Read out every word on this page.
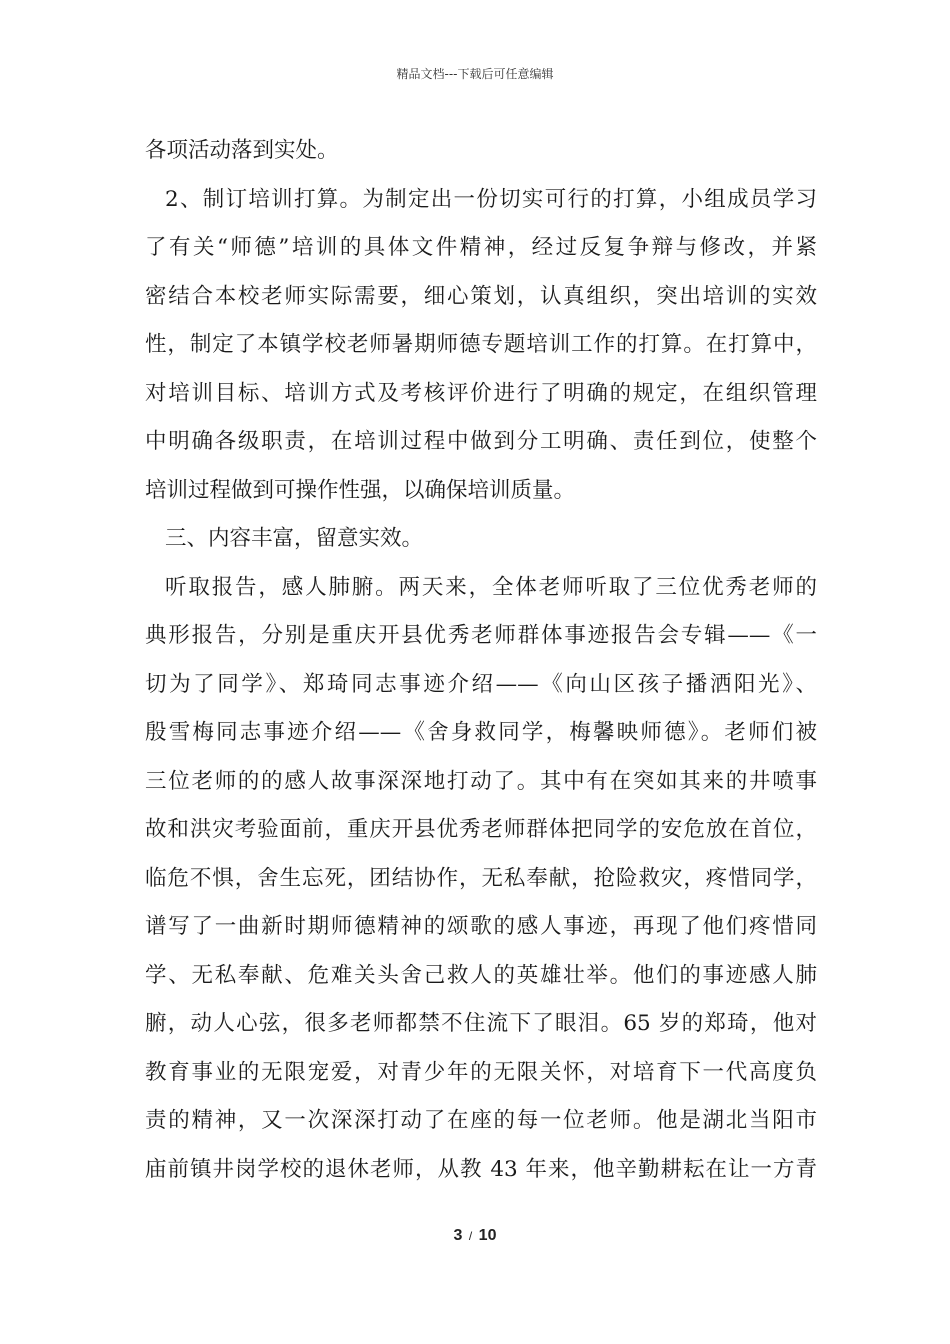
精品文档---下载后可任意编辑
各项活动落到实处。
2、制订培训打算。为制定出一份切实可行的打算，小组成员学习
了有关“师德”培训的具体文件精神，经过反复争辩与修改，并紧
密结合本校老师实际需要，细心策划，认真组织，突出培训的实效
性，制定了本镇学校老师暑期师德专题培训工作的打算。在打算中，
对培训目标、培训方式及考核评价进行了明确的规定，在组织管理
中明确各级职责，在培训过程中做到分工明确、责任到位，使整个
培训过程做到可操作性强，以确保培训质量。
三、内容丰富，留意实效。
听取报告，感人肺腑。两天来，全体老师听取了三位优秀老师的
典形报告，分别是重庆开县优秀老师群体事迹报告会专辑——《一
切为了同学》、郑琦同志事迹介绍——《向山区孩子播洒阳光》、
殷雪梅同志事迹介绍——《舍身救同学，梅馨映师德》。老师们被
三位老师的的感人故事深深地打动了。其中有在突如其来的井喷事
故和洪灾考验面前，重庆开县优秀老师群体把同学的安危放在首位，
临危不惧，舍生忘死，团结协作，无私奉献，抢险救灾，疼惜同学，
谱写了一曲新时期师德精神的颂歌的感人事迹，再现了他们疼惜同
学、无私奉献、危难关头舍己救人的英雄壮举。他们的事迹感人肺
腑，动人心弦，很多老师都禁不住流下了眼泪。65 岁的郑琦，他对
教育事业的无限宠爱，对青少年的无限关怀，对培育下一代高度负
责的精神，又一次深深打动了在座的每一位老师。他是湖北当阳市
庙前镇井岗学校的退休老师，从教 43 年来，他辛勤耕耘在让一方青
3 / 10
